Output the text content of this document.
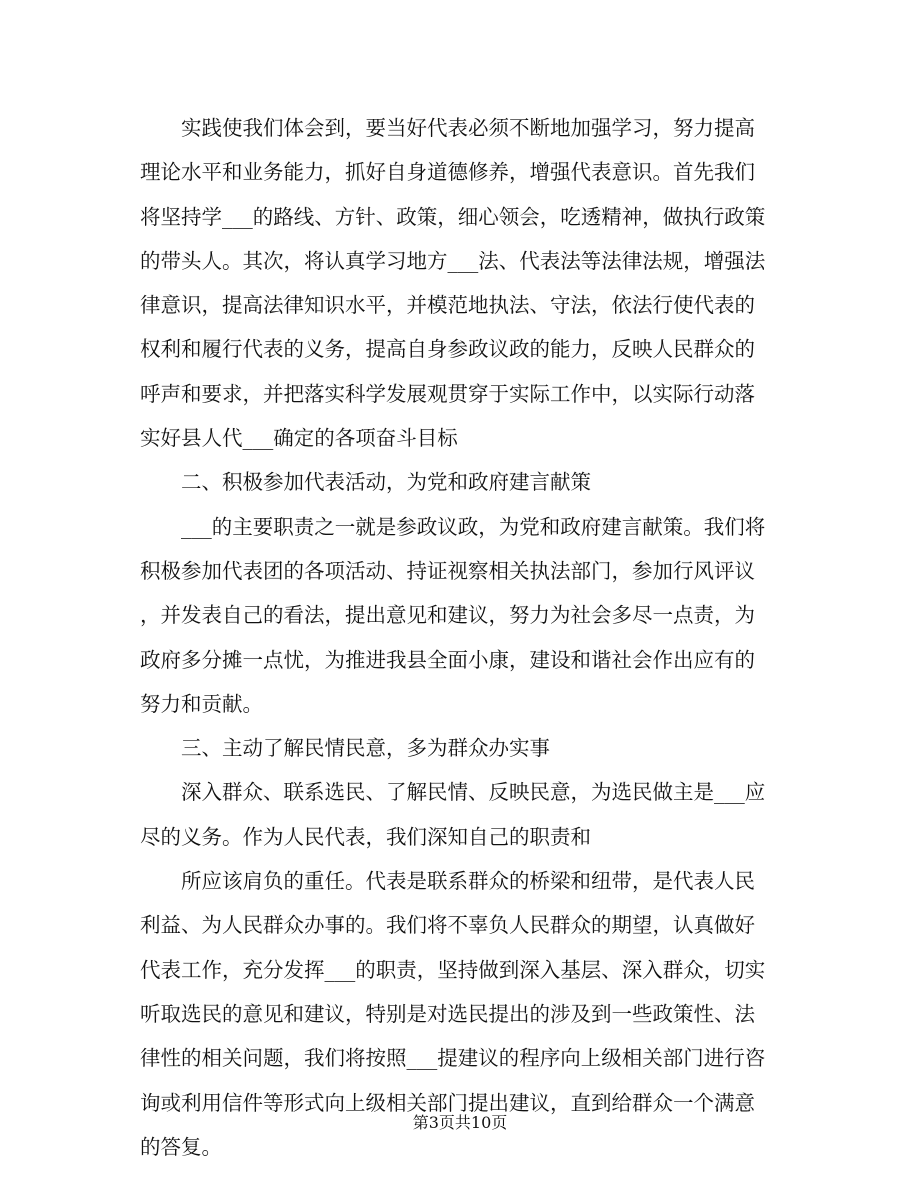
实践使我们体会到，要当好代表必须不断地加强学习，努力提高
理论水平和业务能力，抓好自身道德修养，增强代表意识。首先我们
将坚持学___的路线、方针、政策，细心领会，吃透精神，做执行政策
的带头人。其次，将认真学习地方___法、代表法等法律法规，增强法
律意识，提高法律知识水平，并模范地执法、守法，依法行使代表的
权利和履行代表的义务，提高自身参政议政的能力，反映人民群众的
呼声和要求，并把落实科学发展观贯穿于实际工作中，以实际行动落
实好县人代___确定的各项奋斗目标
二、积极参加代表活动，为党和政府建言献策
___的主要职责之一就是参政议政，为党和政府建言献策。我们将
积极参加代表团的各项活动、持证视察相关执法部门，参加行风评议
，并发表自己的看法，提出意见和建议，努力为社会多尽一点责，为
政府多分摊一点忧，为推进我县全面小康，建设和谐社会作出应有的
努力和贡献。
三、主动了解民情民意，多为群众办实事
深入群众、联系选民、了解民情、反映民意，为选民做主是___应
尽的义务。作为人民代表，我们深知自己的职责和
所应该肩负的重任。代表是联系群众的桥梁和纽带，是代表人民
利益、为人民群众办事的。我们将不辜负人民群众的期望，认真做好
代表工作，充分发挥___的职责，坚持做到深入基层、深入群众，切实
听取选民的意见和建议，特别是对选民提出的涉及到一些政策性、法
律性的相关问题，我们将按照___提建议的程序向上级相关部门进行咨
询或利用信件等形式向上级相关部门提出建议，直到给群众一个满意
的答复。
第3页共10页
